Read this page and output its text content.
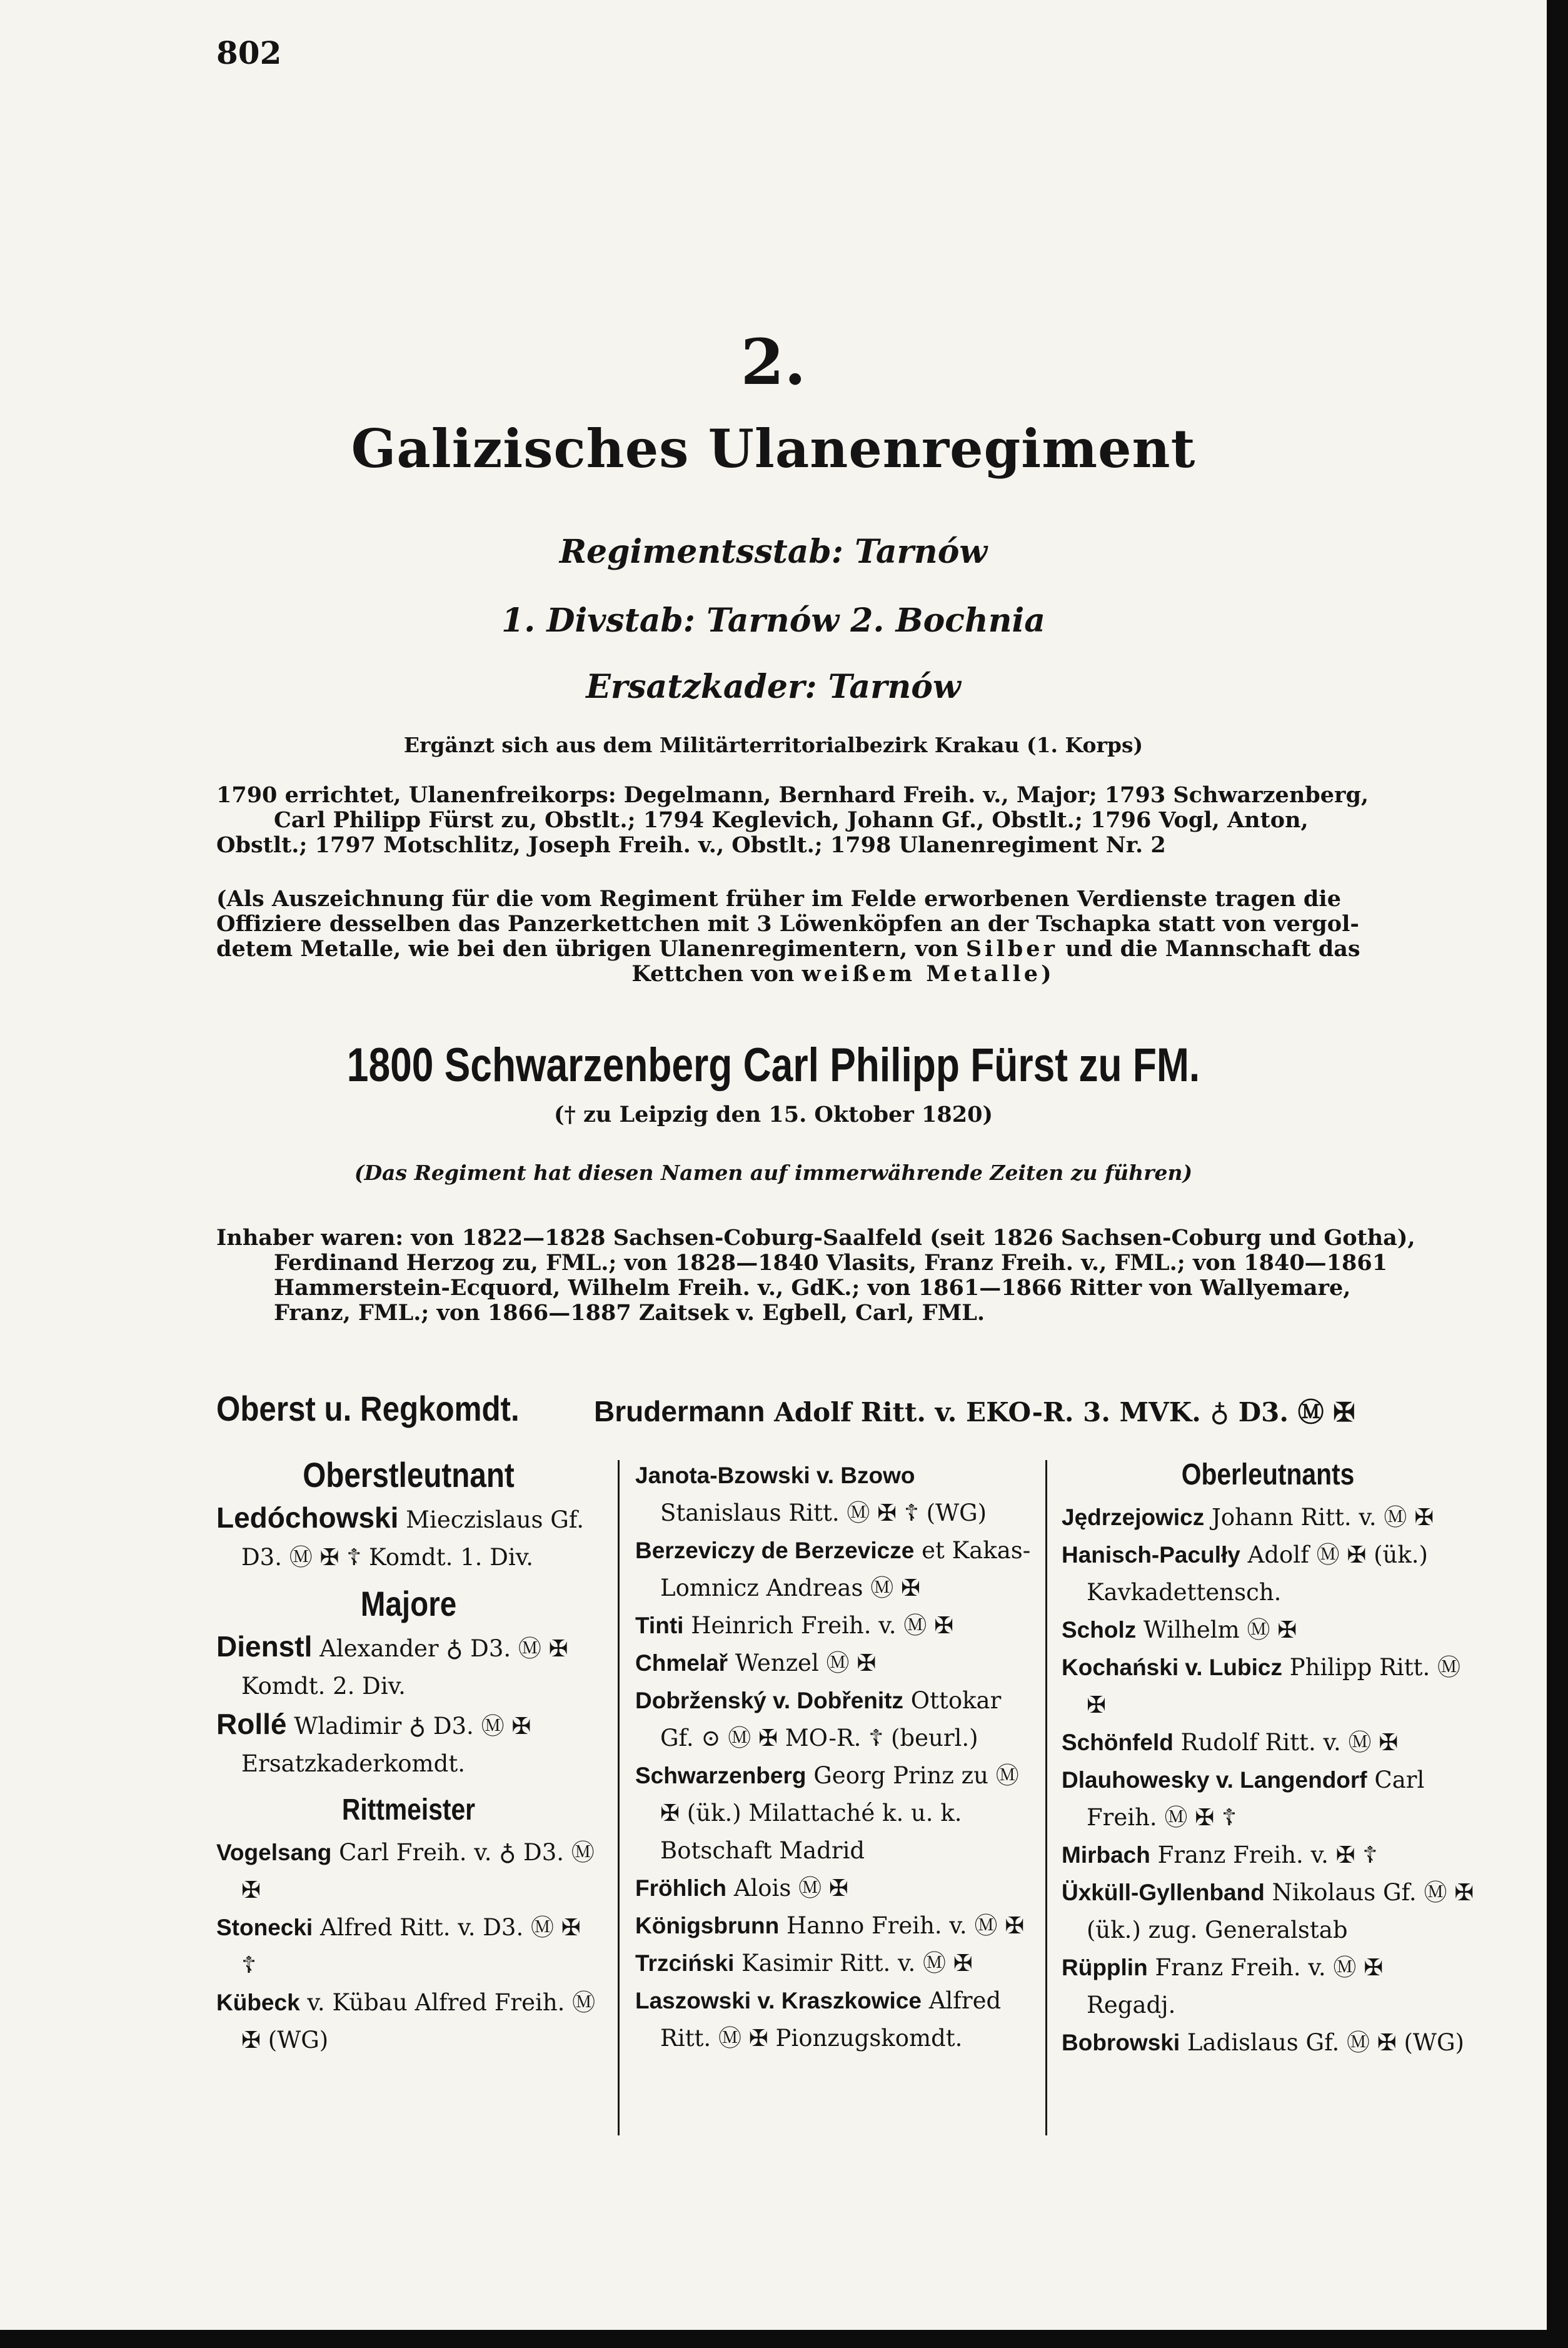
802
2.
Galizisches Ulanenregiment
Regimentsstab: Tarnów
1. Divstab: Tarnów 2. Bochnia
Ersatzkader: Tarnów
Ergänzt sich aus dem Militärterritorialbezirk Krakau (1. Korps)
1790 errichtet, Ulanenfreikorps: Degelmann, Bernhard Freih. v., Major; 1793 Schwarzenberg,
Carl Philipp Fürst zu, Obstlt.; 1794 Keglevich, Johann Gf., Obstlt.; 1796 Vogl, Anton,
Obstlt.; 1797 Motschlitz, Joseph Freih. v., Obstlt.; 1798 Ulanenregiment Nr. 2
(Als Auszeichnung für die vom Regiment früher im Felde erworbenen Verdienste tragen die
Offiziere desselben das Panzerkettchen mit 3 Löwenköpfen an der Tschapka statt von vergol-
detem Metalle, wie bei den übrigen Ulanenregimentern, von Silber und die Mannschaft das
Kettchen von weißem Metalle)
1800 Schwarzenberg Carl Philipp Fürst zu FM.
(† zu Leipzig den 15. Oktober 1820)
(Das Regiment hat diesen Namen auf immerwährende Zeiten zu führen)
Inhaber waren: von 1822—1828 Sachsen-Coburg-Saalfeld (seit 1826 Sachsen-Coburg und Gotha),
Ferdinand Herzog zu, FML.; von 1828—1840 Vlasits, Franz Freih. v., FML.; von 1840—1861
Hammerstein-Ecquord, Wilhelm Freih. v., GdK.; von 1861—1866 Ritter von Wallyemare,
Franz, FML.; von 1866—1887 Zaitsek v. Egbell, Carl, FML.
Oberst u. Regkomdt.	Brudermann Adolf Ritt. v. EKO-R. 3. MVK. ♁ D3. Ⓜ ✠
Oberstleutnant
Ledóchowski Mieczislaus Gf. D3. Ⓜ ✠ ☦ Komdt. 1. Div.
Majore
Dienstl Alexander ♁ D3. Ⓜ ✠ Komdt. 2. Div.
Rollé Wladimir ♁ D3. Ⓜ ✠ Ersatzkaderkomdt.
Rittmeister
Vogelsang Carl Freih. v. ♁ D3. Ⓜ ✠
Stonecki Alfred Ritt. v. D3. Ⓜ ✠ ☦
Kübeck v. Kübau Alfred Freih. Ⓜ ✠ (WG)
Janota-Bzowski v. Bzowo Stanislaus Ritt. Ⓜ ✠ ☦ (WG)
Berzeviczy de Berzevicze et Kakas-Lomnicz Andreas Ⓜ ✠
Tinti Heinrich Freih. v. Ⓜ ✠
Chmelař Wenzel Ⓜ ✠
Dobrženský v. Dobřenitz Ottokar Gf. ⊙ Ⓜ ✠ MO-R. ☦ (beurl.)
Schwarzenberg Georg Prinz zu Ⓜ ✠ (ük.) Milattaché k. u. k. Botschaft Madrid
Fröhlich Alois Ⓜ ✠
Königsbrunn Hanno Freih. v. Ⓜ ✠
Trzciński Kasimir Ritt. v. Ⓜ ✠
Laszowski v. Kraszkowice Alfred Ritt. Ⓜ ✠ Pionzugskomdt.
Oberleutnants
Jędrzejowicz Johann Ritt. v. Ⓜ ✠
Hanisch-Paculły Adolf Ⓜ ✠ (ük.) Kavkadettensch.
Scholz Wilhelm Ⓜ ✠
Kochański v. Lubicz Philipp Ritt. Ⓜ ✠
Schönfeld Rudolf Ritt. v. Ⓜ ✠
Dlauhowesky v. Langendorf Carl Freih. Ⓜ ✠ ☦
Mirbach Franz Freih. v. ✠ ☦
Üxküll-Gyllenband Nikolaus Gf. Ⓜ ✠ (ük.) zug. Generalstab
Rüpplin Franz Freih. v. Ⓜ ✠ Regadj.
Bobrowski Ladislaus Gf. Ⓜ ✠ (WG)
